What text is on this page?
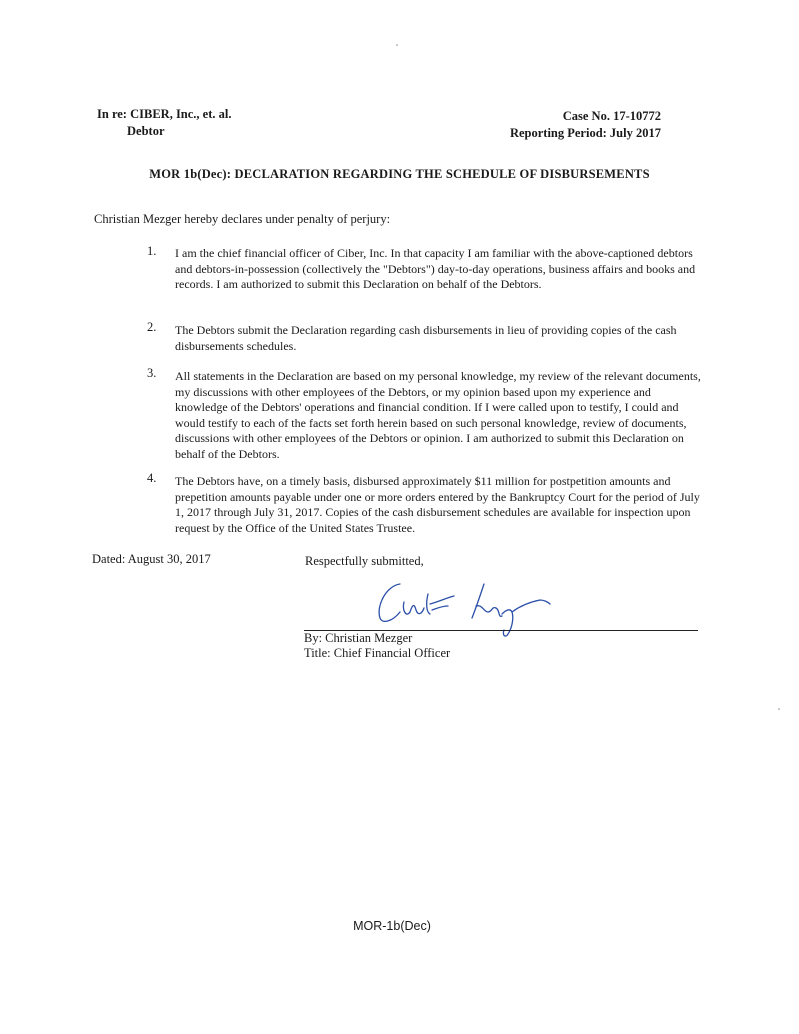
In re: CIBER, Inc., et. al.
Debtor
Case No. 17-10772
Reporting Period: July 2017
MOR 1b(Dec): DECLARATION REGARDING THE SCHEDULE OF DISBURSEMENTS
Christian Mezger hereby declares under penalty of perjury:
1. I am the chief financial officer of Ciber, Inc. In that capacity I am familiar with the above-captioned debtors
and debtors-in-possession (collectively the "Debtors") day-to-day operations, business affairs and books and
records. I am authorized to submit this Declaration on behalf of the Debtors.
2. The Debtors submit the Declaration regarding cash disbursements in lieu of providing copies of the cash
disbursements schedules.
3. All statements in the Declaration are based on my personal knowledge, my review of the relevant documents,
my discussions with other employees of the Debtors, or my opinion based upon my experience and
knowledge of the Debtors' operations and financial condition. If I were called upon to testify, I could and
would testify to each of the facts set forth herein based on such personal knowledge, review of documents,
discussions with other employees of the Debtors or opinion. I am authorized to submit this Declaration on
behalf of the Debtors.
4. The Debtors have, on a timely basis, disbursed approximately $11 million for postpetition amounts and
prepetition amounts payable under one or more orders entered by the Bankruptcy Court for the period of July
1, 2017 through July 31, 2017. Copies of the cash disbursement schedules are available for inspection upon
request by the Office of the United States Trustee.
Dated: August 30, 2017	Respectfully submitted,
By: Christian Mezger
Title: Chief Financial Officer
MOR-1b(Dec)
